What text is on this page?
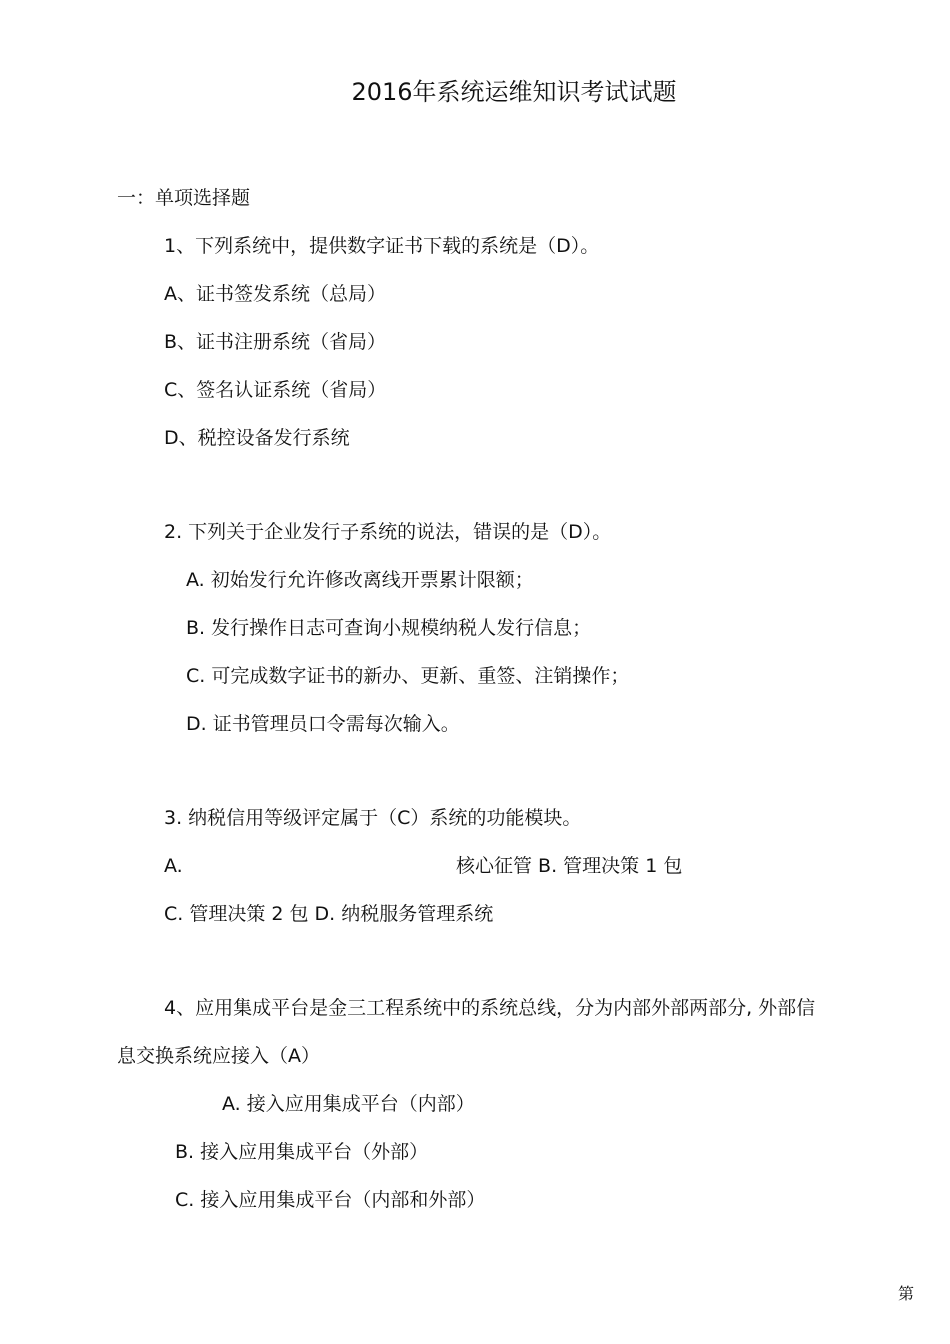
2016年系统运维知识考试试题
一：单项选择题
1、下列系统中，提供数字证书下载的系统是（D）。
A、证书签发系统（总局）
B、证书注册系统（省局）
C、签名认证系统（省局）
D、税控设备发行系统
2. 下列关于企业发行子系统的说法，错误的是（D）。
A. 初始发行允许修改离线开票累计限额；
B. 发行操作日志可查询小规模纳税人发行信息；
C. 可完成数字证书的新办、更新、重签、注销操作；
D. 证书管理员口令需每次输入。
3. 纳税信用等级评定属于（C）系统的功能模块。
A.	核心征管 B. 管理决策 1 包
C. 管理决策 2 包 D. 纳税服务管理系统
4、应用集成平台是金三工程系统中的系统总线，分为内部外部两部分, 外部信
息交换系统应接入（A）
A. 接入应用集成平台（内部）
B. 接入应用集成平台（外部）
C. 接入应用集成平台（内部和外部）
第
